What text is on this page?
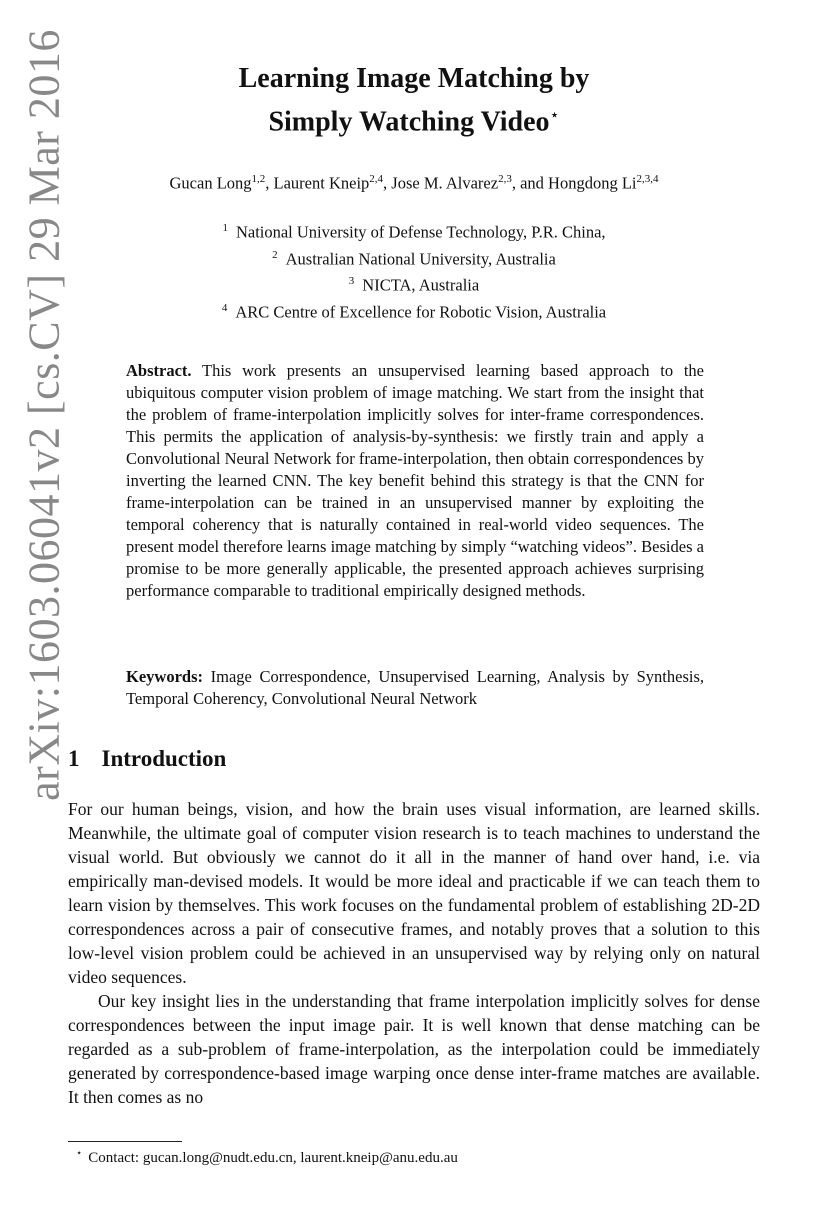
arXiv:1603.06041v2 [cs.CV] 29 Mar 2016	Learning Image Matching by
Simply Watching Video⋆
Gucan Long$^{1,2}$, Laurent Kneip$^{2,4}$, Jose M. Alvarez$^{2,3}$, and Hongdong Li$^{2,3,4}$
$^1$ National University of Defense Technology, P.R. China,
$^2$ Australian National University, Australia
$^3$ NICTA, Australia
$^4$ ARC Centre of Excellence for Robotic Vision, Australia
Abstract. This work presents an unsupervised learning based approach to the ubiquitous computer vision problem of image matching. We start from the insight that the problem of frame-interpolation implicitly solves for inter-frame correspondences. This permits the application of analysis-by-synthesis: we firstly train and apply a Convolutional Neural Network for frame-interpolation, then obtain correspondences by inverting the learned CNN. The key benefit behind this strategy is that the CNN for frame-interpolation can be trained in an unsupervised manner by exploiting the temporal coherency that is naturally contained in real-world video sequences. The present model therefore learns image matching by simply “watching videos”. Besides a promise to be more generally applicable, the presented approach achieves surprising performance comparable to traditional empirically designed methods.
Keywords: Image Correspondence, Unsupervised Learning, Analysis by Synthesis, Temporal Coherency, Convolutional Neural Network
1 Introduction

For our human beings, vision, and how the brain uses visual information, are learned skills. Meanwhile, the ultimate goal of computer vision research is to teach machines to understand the visual world. But obviously we cannot do it all in the manner of hand over hand, i.e. via empirically man-devised models. It would be more ideal and practicable if we can teach them to learn vision by themselves. This work focuses on the fundamental problem of establishing 2D-2D correspondences across a pair of consecutive frames, and notably proves that a solution to this low-level vision problem could be achieved in an unsupervised way by relying only on natural video sequences.

Our key insight lies in the understanding that frame interpolation implicitly solves for dense correspondences between the input image pair. It is well known that dense matching can be regarded as a sub-problem of frame-interpolation, as the interpolation could be immediately generated by correspondence-based image warping once dense inter-frame matches are available. It then comes as no

⋆ Contact: gucan.long@nudt.edu.cn, laurent.kneip@anu.edu.au
